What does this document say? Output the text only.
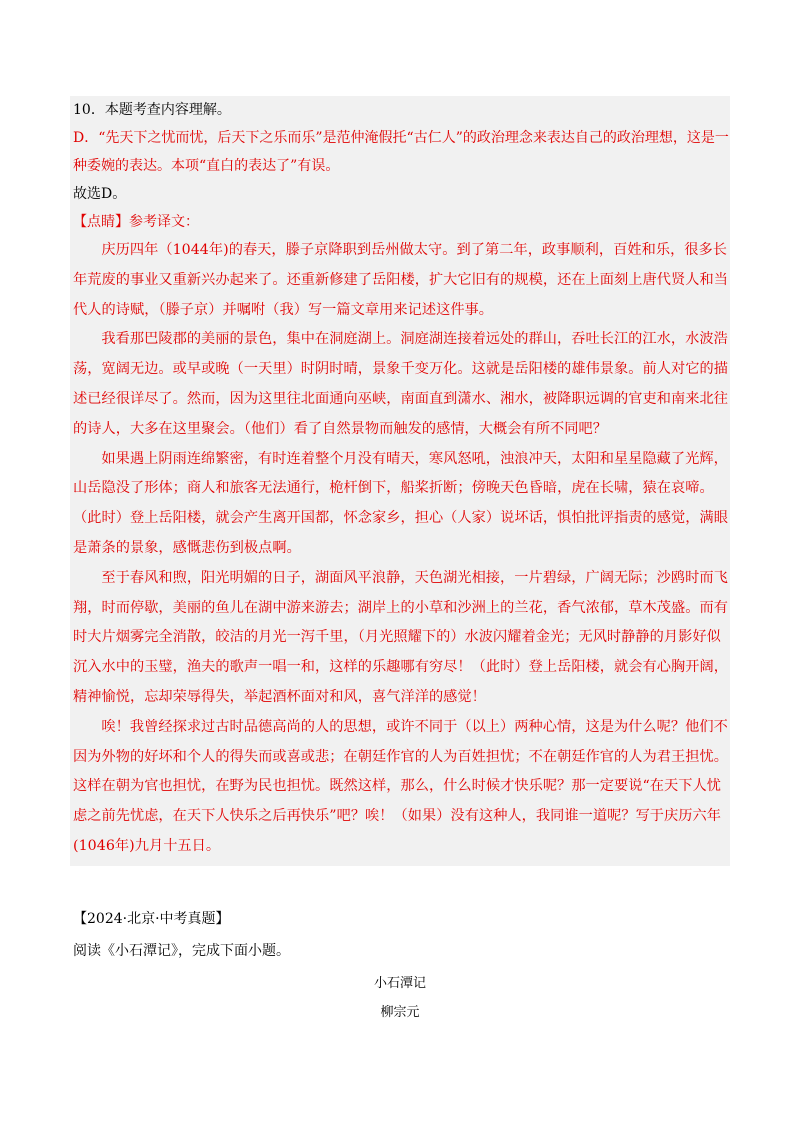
10．本题考查内容理解。

D．“先天下之忧而忧，后天下之乐而乐”是范仲淹假托“古仁人”的政治理念来表达自己的政治理想，这是一种委婉的表达。本项“直白的表达了”有误。

故选D。

【点睛】参考译文：

庆历四年（1044年)的春天，滕子京降职到岳州做太守。到了第二年，政事顺利，百姓和乐，很多长年荒废的事业又重新兴办起来了。还重新修建了岳阳楼，扩大它旧有的规模，还在上面刻上唐代贤人和当代人的诗赋，（滕子京）并嘱咐（我）写一篇文章用来记述这件事。

我看那巴陵郡的美丽的景色，集中在洞庭湖上。洞庭湖连接着远处的群山，吞吐长江的江水，水波浩荡，宽阔无边。或早或晚（一天里）时阴时晴，景象千变万化。这就是岳阳楼的雄伟景象。前人对它的描述已经很详尽了。然而，因为这里往北面通向巫峡，南面直到潇水、湘水，被降职远调的官吏和南来北往的诗人，大多在这里聚会。（他们）看了自然景物而触发的感情，大概会有所不同吧？

如果遇上阴雨连绵繁密，有时连着整个月没有晴天，寒风怒吼，浊浪冲天，太阳和星星隐藏了光辉，山岳隐没了形体；商人和旅客无法通行，桅杆倒下，船桨折断；傍晚天色昏暗，虎在长啸，猿在哀啼。（此时）登上岳阳楼，就会产生离开国都，怀念家乡，担心（人家）说坏话，惧怕批评指责的感觉，满眼是萧条的景象，感慨悲伤到极点啊。

至于春风和煦，阳光明媚的日子，湖面风平浪静，天色湖光相接，一片碧绿，广阔无际；沙鸥时而飞翔，时而停歇，美丽的鱼儿在湖中游来游去；湖岸上的小草和沙洲上的兰花，香气浓郁，草木茂盛。而有时大片烟雾完全消散，皎洁的月光一泻千里，（月光照耀下的）水波闪耀着金光；无风时静静的月影好似沉入水中的玉璧，渔夫的歌声一唱一和，这样的乐趣哪有穷尽！（此时）登上岳阳楼，就会有心胸开阔，精神愉悦，忘却荣辱得失，举起酒杯面对和风，喜气洋洋的感觉！

唉！我曾经探求过古时品德高尚的人的思想，或许不同于（以上）两种心情，这是为什么呢？他们不因为外物的好坏和个人的得失而或喜或悲；在朝廷作官的人为百姓担忧；不在朝廷作官的人为君王担忧。这样在朝为官也担忧，在野为民也担忧。既然这样，那么，什么时候才快乐呢？那一定要说“在天下人忧虑之前先忧虑，在天下人快乐之后再快乐”吧？唉！（如果）没有这种人，我同谁一道呢？写于庆历六年(1046年)九月十五日。

【2024·北京·中考真题】

阅读《小石潭记》，完成下面小题。

小石潭记

柳宗元
